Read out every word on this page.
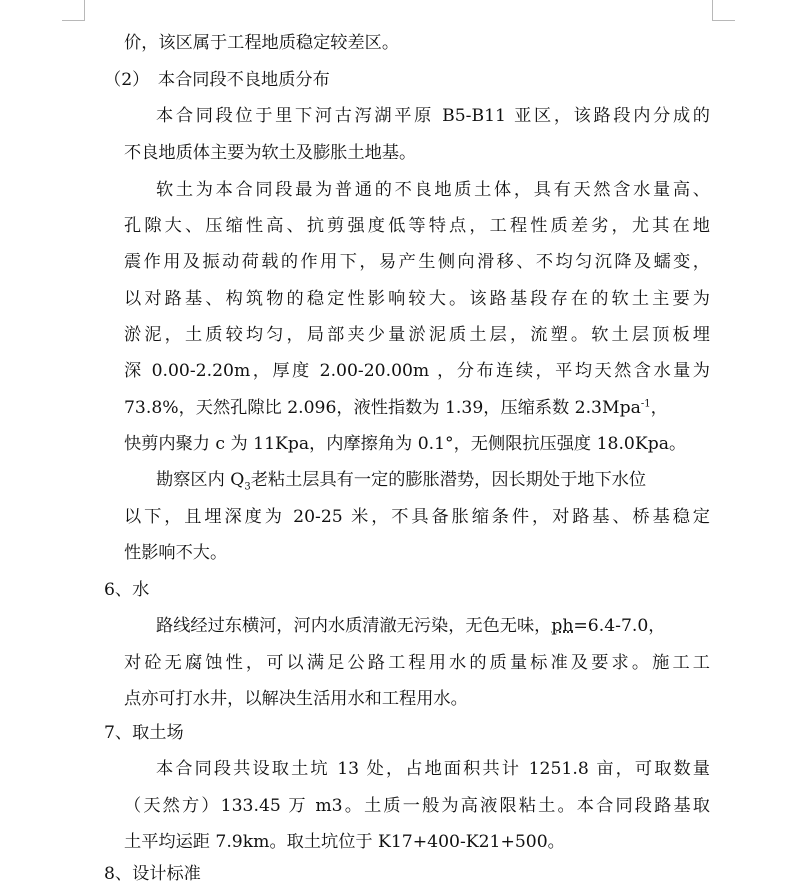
价，该区属于工程地质稳定较差区。
（2）　本合同段不良地质分布
本合同段位于里下河古泻湖平原 B5-B11 亚区，该路段内分成的
不良地质体主要为软土及膨胀土地基。
软土为本合同段最为普通的不良地质土体，具有天然含水量高、
孔隙大、压缩性高、抗剪强度低等特点，工程性质差劣，尤其在地
震作用及振动荷载的作用下，易产生侧向滑移、不均匀沉降及蠕变，
以对路基、构筑物的稳定性影响较大。该路基段存在的软土主要为
淤泥，土质较均匀，局部夹少量淤泥质土层，流塑。软土层顶板埋
深 0.00-2.20m，厚度 2.00-20.00m ，分布连续，平均天然含水量为
73.8%，天然孔隙比 2.096，液性指数为 1.39，压缩系数 2.3Mpa$^{-1}$，
快剪内聚力 c 为 11Kpa，内摩擦角为 0.1°，无侧限抗压强度 18.0Kpa。
勘察区内 $Q_3$老粘土层具有一定的膨胀潜势，因长期处于地下水位
以下，且埋深度为 20-25 米，不具备胀缩条件，对路基、桥基稳定
性影响不大。
6、水
路线经过东横河，河内水质清澈无污染，无色无味，ph=6.4-7.0，
对砼无腐蚀性，可以满足公路工程用水的质量标准及要求。施工工
点亦可打水井，以解决生活用水和工程用水。
7、取土场
本合同段共设取土坑 13 处，占地面积共计 1251.8 亩，可取数量
（天然方）133.45 万 m3。土质一般为高液限粘土。本合同段路基取
土平均运距 7.9km。取土坑位于 K17+400-K21+500。
8、设计标准
